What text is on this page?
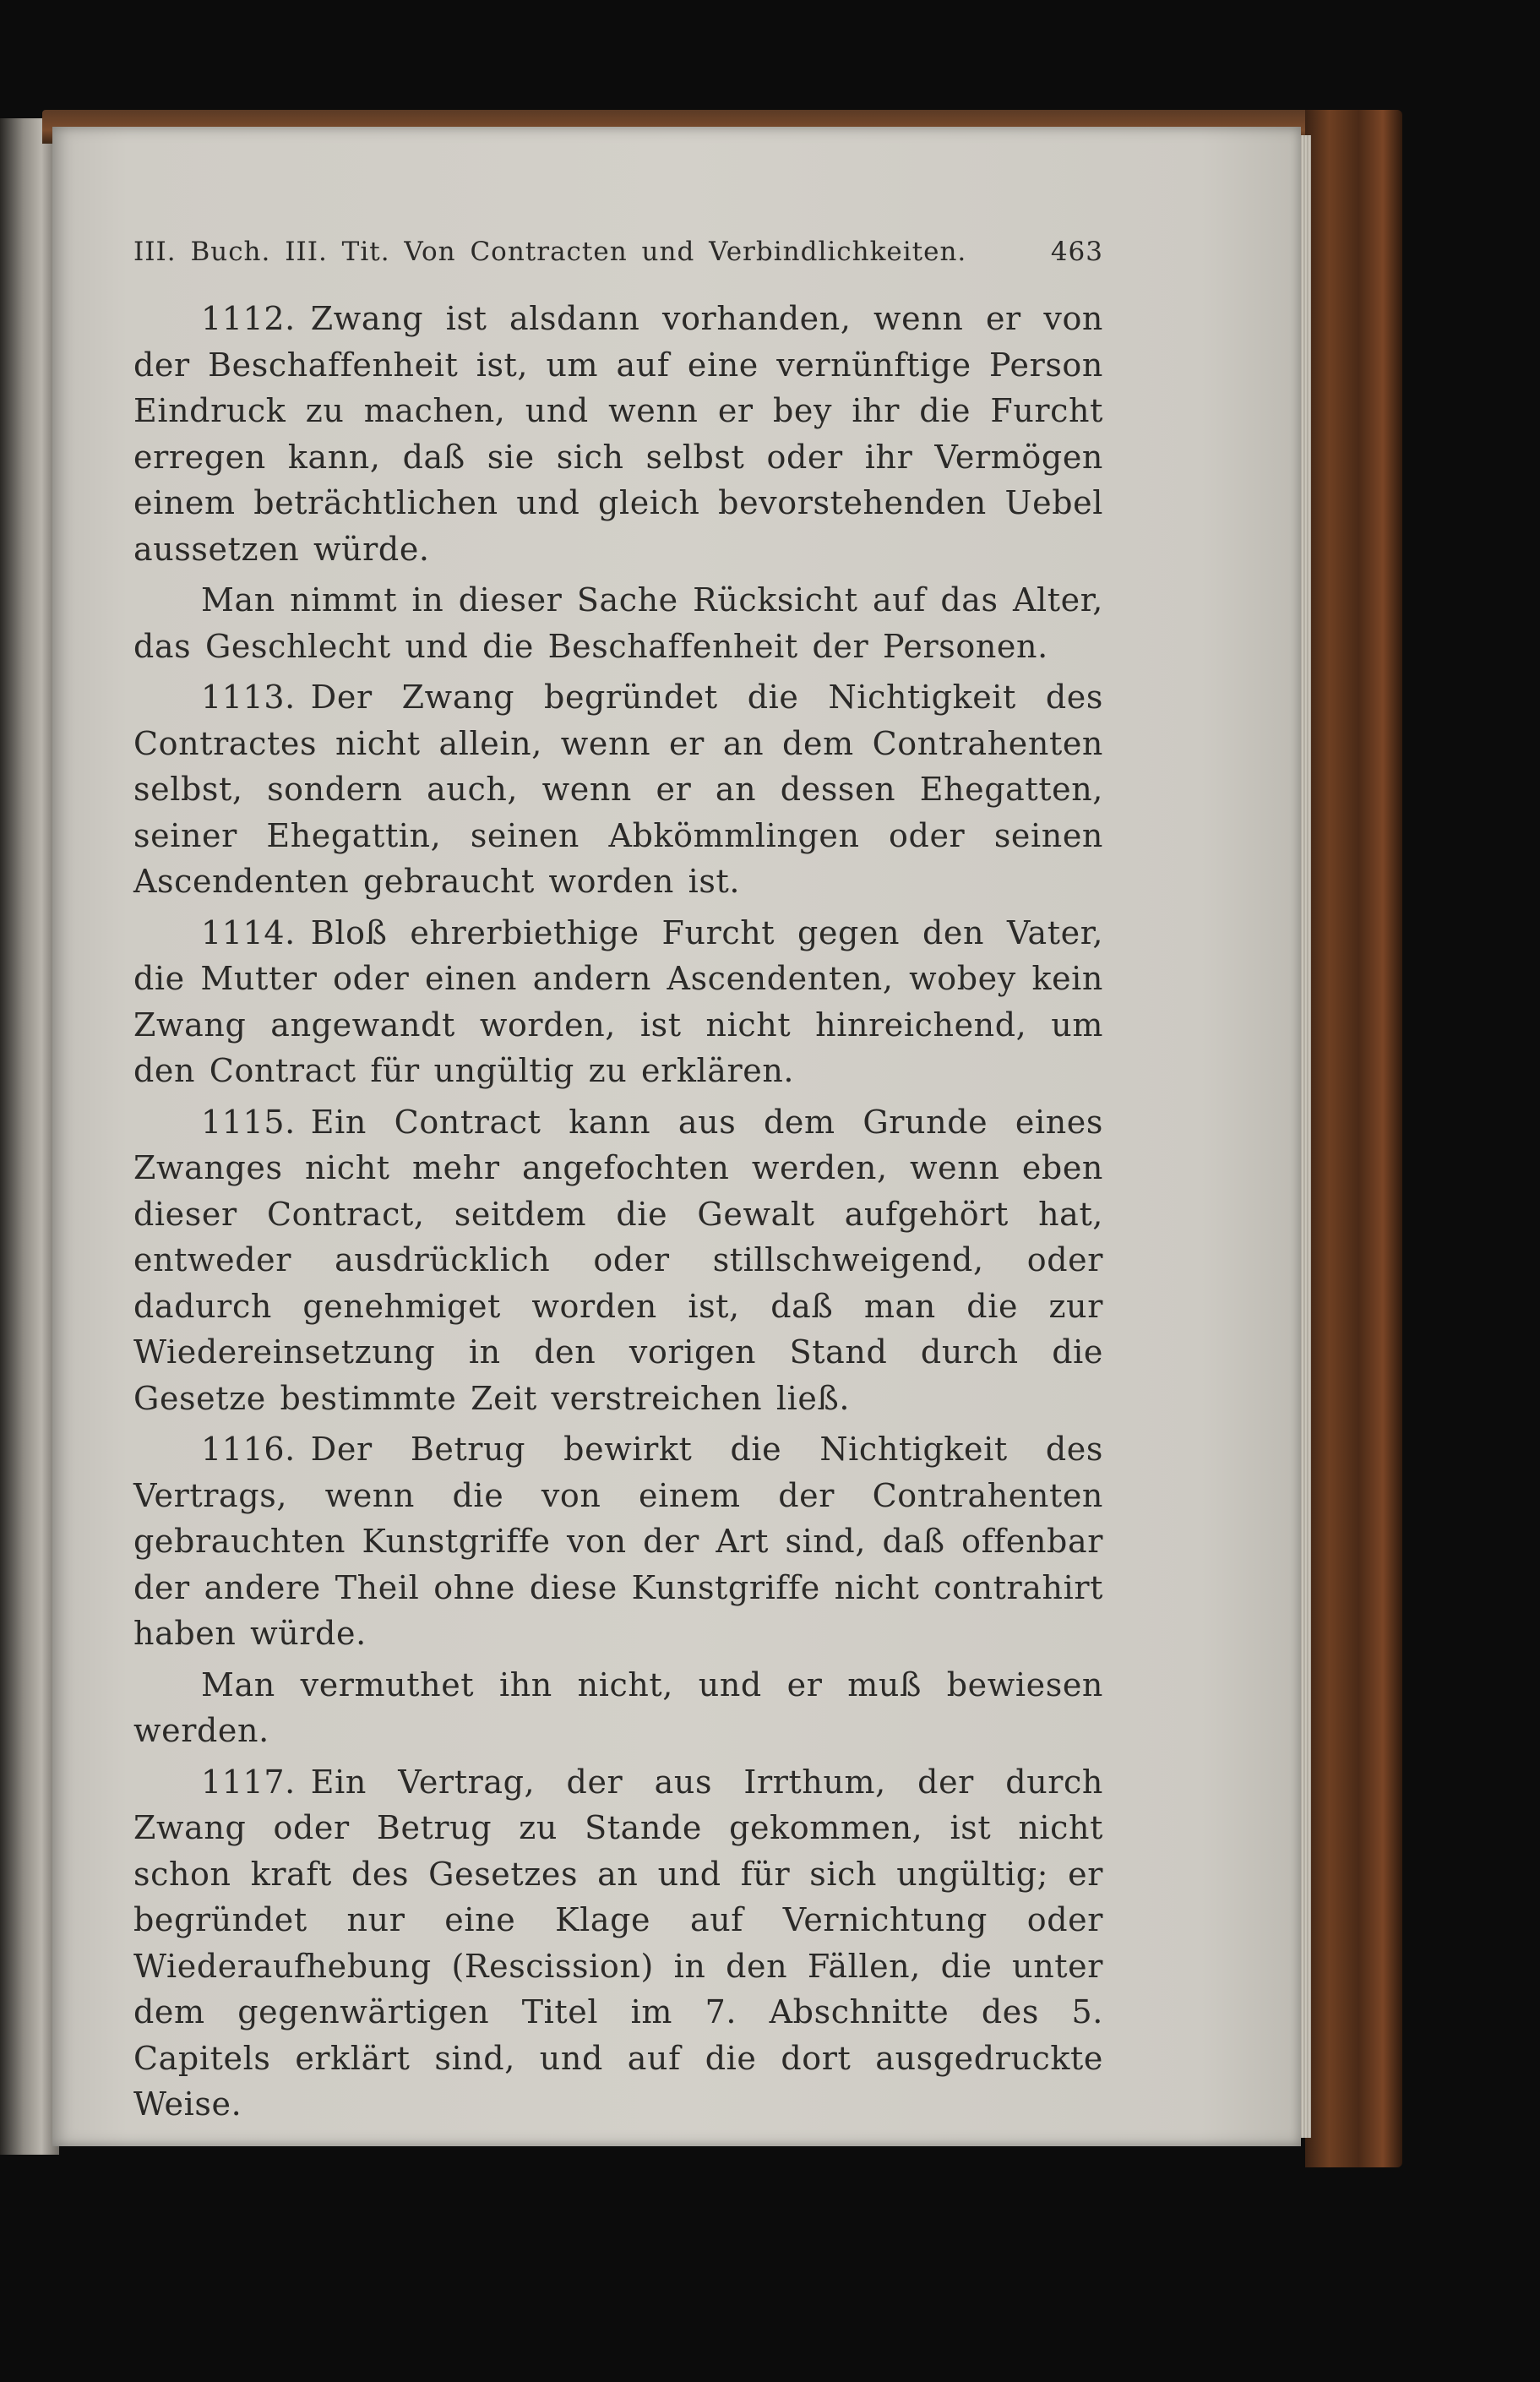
III. Buch. III. Tit. Von Contracten und Verbindlichkeiten.	463

1112. Zwang ist alsdann vorhanden, wenn er von der Beschaffenheit ist, um auf eine vernünftige Person Eindruck zu machen, und wenn er bey ihr die Furcht erregen kann, daß sie sich selbst oder ihr Vermögen einem beträchtlichen und gleich bevorstehenden Uebel aussetzen würde.

Man nimmt in dieser Sache Rücksicht auf das Alter, das Geschlecht und die Beschaffenheit der Personen.

1113. Der Zwang begründet die Nichtigkeit des Contractes nicht allein, wenn er an dem Contrahenten selbst, sondern auch, wenn er an dessen Ehegatten, seiner Ehegattin, seinen Abkömmlingen oder seinen Ascendenten gebraucht worden ist.

1114. Bloß ehrerbiethige Furcht gegen den Vater, die Mutter oder einen andern Ascendenten, wobey kein Zwang angewandt worden, ist nicht hinreichend, um den Contract für ungültig zu erklären.

1115. Ein Contract kann aus dem Grunde eines Zwanges nicht mehr angefochten werden, wenn eben dieser Contract, seitdem die Gewalt aufgehört hat, entweder ausdrücklich oder stillschweigend, oder dadurch genehmiget worden ist, daß man die zur Wiedereinsetzung in den vorigen Stand durch die Gesetze bestimmte Zeit verstreichen ließ.

1116. Der Betrug bewirkt die Nichtigkeit des Vertrags, wenn die von einem der Contrahenten gebrauchten Kunstgriffe von der Art sind, daß offenbar der andere Theil ohne diese Kunstgriffe nicht contrahirt haben würde.

Man vermuthet ihn nicht, und er muß bewiesen werden.

1117. Ein Vertrag, der aus Irrthum, der durch Zwang oder Betrug zu Stande gekommen, ist nicht schon kraft des Gesetzes an und für sich ungültig; er begründet nur eine Klage auf Vernichtung oder Wiederaufhebung (Rescission) in den Fällen, die unter dem gegenwärtigen Titel im 7. Abschnitte des 5. Capitels erklärt sind, und auf die dort ausgedruckte Weise.
